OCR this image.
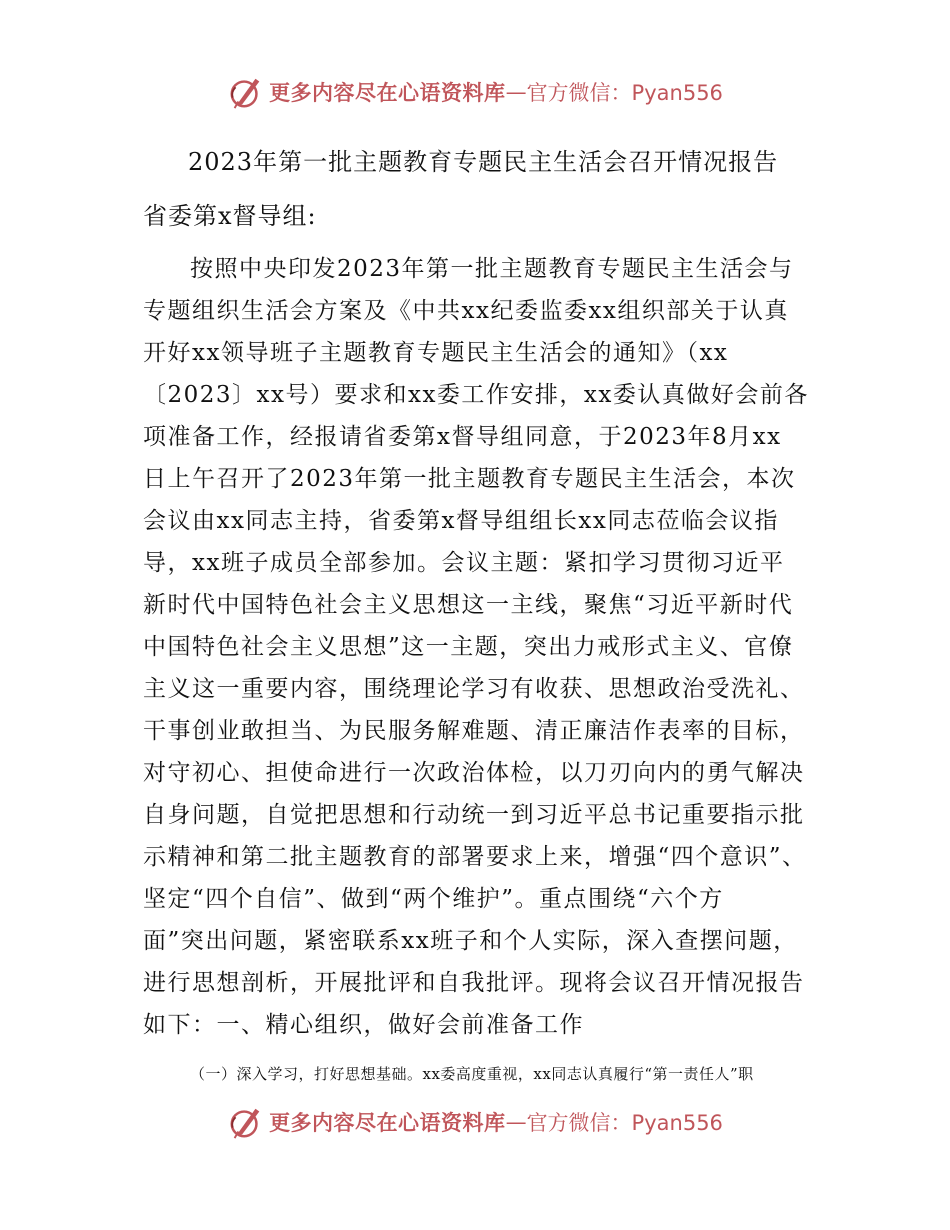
更多内容尽在心语资料库 — 官方微信：Pyan556
2023年第一批主题教育专题民主生活会召开情况报告
省委第x督导组:
按照中央印发2023年第一批主题教育专题民主生活会与
专题组织生活会方案及《中共xx纪委监委xx组织部关于认真
开好xx领导班子主题教育专题民主生活会的通知》（xx
〔2023〕xx号）要求和xx委工作安排，xx委认真做好会前各
项准备工作，经报请省委第x督导组同意，于2023年8月xx
日上午召开了2023年第一批主题教育专题民主生活会，本次
会议由xx同志主持，省委第x督导组组长xx同志莅临会议指
导，xx班子成员全部参加。会议主题：紧扣学习贯彻习近平
新时代中国特色社会主义思想这一主线，聚焦“习近平新时代
中国特色社会主义思想”这一主题，突出力戒形式主义、官僚
主义这一重要内容，围绕理论学习有收获、思想政治受洗礼、
干事创业敢担当、为民服务解难题、清正廉洁作表率的目标，
对守初心、担使命进行一次政治体检，以刀刃向内的勇气解决
自身问题，自觉把思想和行动统一到习近平总书记重要指示批
示精神和第二批主题教育的部署要求上来，增强“四个意识”、
坚定“四个自信”、做到“两个维护”。重点围绕“六个方
面”突出问题，紧密联系xx班子和个人实际，深入查摆问题，
进行思想剖析，开展批评和自我批评。现将会议召开情况报告
更多内容尽在心语资料库 — 官方微信：Pyan556
如下：一、精心组织，做好会前准备工作
（一）深入学习，打好思想基础。xx委高度重视，xx同志认真履行“第一责任人”职
